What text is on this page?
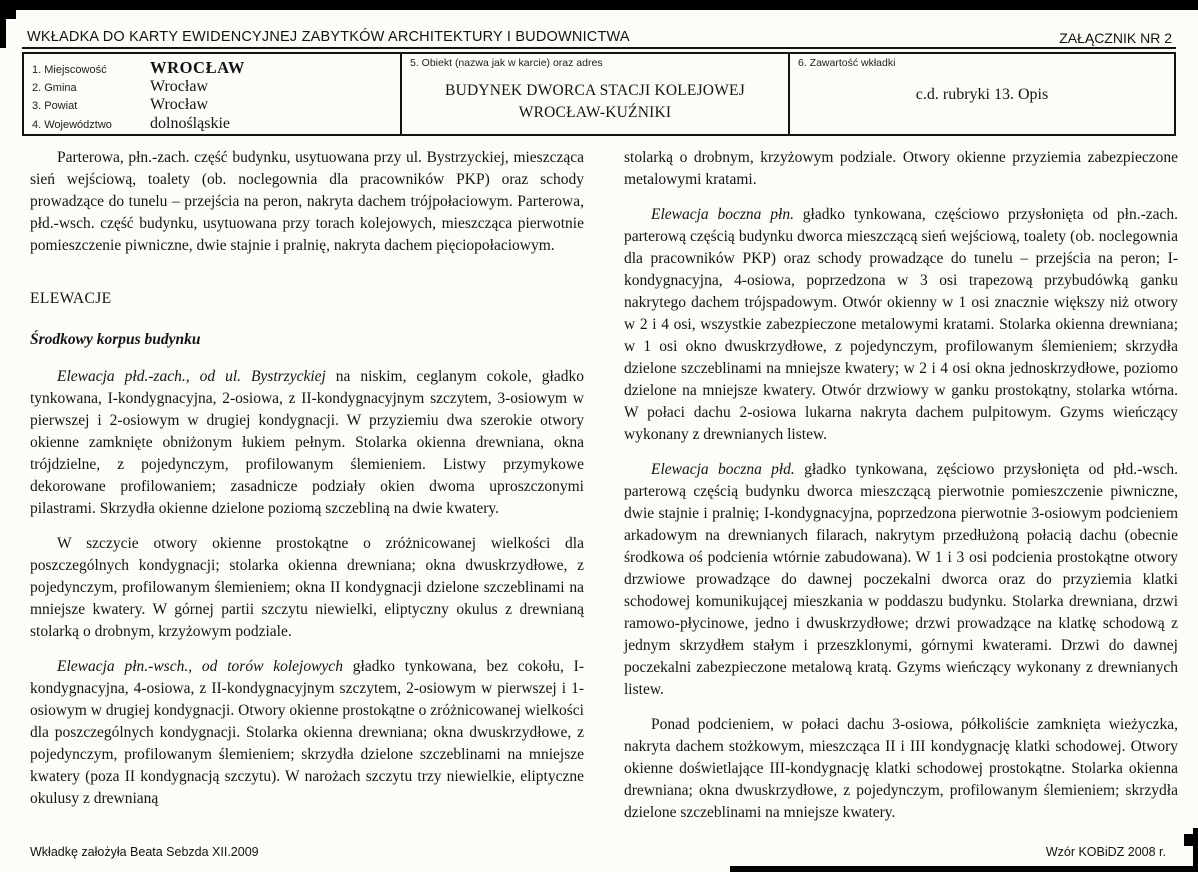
WKŁADKA DO KARTY EWIDENCYJNEJ ZABYTKÓW ARCHITEKTURY I BUDOWNICTWA	ZAŁĄCZNIK NR 2
1. Miejscowość	WROCŁAW
2. Gmina	Wrocław
3. Powiat	Wrocław
4. Województwo	dolnośląskie
5. Obiekt (nazwa jak w karcie) oraz adres
BUDYNEK DWORCA STACJI KOLEJOWEJ
WROCŁAW-KUŹNIKI
6. Zawartość wkładki
c.d. rubryki 13. Opis

Parterowa, płn.-zach. część budynku, usytuowana przy ul. Bystrzyckiej, mieszcząca sień wejściową, toalety (ob. noclegownia dla pracowników PKP) oraz schody prowadzące do tunelu – przejścia na peron, nakryta dachem trójpołaciowym. Parterowa, płd.-wsch. część budynku, usytuowana przy torach kolejowych, mieszcząca pierwotnie pomieszczenie piwniczne, dwie stajnie i pralnię, nakryta dachem pięciopołaciowym.

ELEWACJE

Środkowy korpus budynku

Elewacja płd.-zach., od ul. Bystrzyckiej na niskim, ceglanym cokole, gładko tynkowana, I-kondygnacyjna, 2-osiowa, z II-kondygnacyjnym szczytem, 3-osiowym w pierwszej i 2-osiowym w drugiej kondygnacji. W przyziemiu dwa szerokie otwory okienne zamknięte obniżonym łukiem pełnym. Stolarka okienna drewniana, okna trójdzielne, z pojedynczym, profilowanym ślemieniem. Listwy przymykowe dekorowane profilowaniem; zasadnicze podziały okien dwoma uproszczonymi pilastrami. Skrzydła okienne dzielone poziomą szczebliną na dwie kwatery.

W szczycie otwory okienne prostokątne o zróżnicowanej wielkości dla poszczególnych kondygnacji; stolarka okienna drewniana; okna dwuskrzydłowe, z pojedynczym, profilowanym ślemieniem; okna II kondygnacji dzielone szczeblinami na mniejsze kwatery. W górnej partii szczytu niewielki, eliptyczny okulus z drewnianą stolarką o drobnym, krzyżowym podziale.

Elewacja płn.-wsch., od torów kolejowych gładko tynkowana, bez cokołu, I-kondygnacyjna, 4-osiowa, z II-kondygnacyjnym szczytem, 2-osiowym w pierwszej i 1-osiowym w drugiej kondygnacji. Otwory okienne prostokątne o zróżnicowanej wielkości dla poszczególnych kondygnacji. Stolarka okienna drewniana; okna dwuskrzydłowe, z pojedynczym, profilowanym ślemieniem; skrzydła dzielone szczeblinami na mniejsze kwatery (poza II kondygnacją szczytu). W narożach szczytu trzy niewielkie, eliptyczne okulusy z drewnianą

stolarką o drobnym, krzyżowym podziale. Otwory okienne przyziemia zabezpieczone metalowymi kratami.

Elewacja boczna płn. gładko tynkowana, częściowo przysłonięta od płn.-zach. parterową częścią budynku dworca mieszczącą sień wejściową, toalety (ob. noclegownia dla pracowników PKP) oraz schody prowadzące do tunelu – przejścia na peron; I-kondygnacyjna, 4-osiowa, poprzedzona w 3 osi trapezową przybudówką ganku nakrytego dachem trójspadowym. Otwór okienny w 1 osi znacznie większy niż otwory w 2 i 4 osi, wszystkie zabezpieczone metalowymi kratami. Stolarka okienna drewniana; w 1 osi okno dwuskrzydłowe, z pojedynczym, profilowanym ślemieniem; skrzydła dzielone szczeblinami na mniejsze kwatery; w 2 i 4 osi okna jednoskrzydłowe, poziomo dzielone na mniejsze kwatery. Otwór drzwiowy w ganku prostokątny, stolarka wtórna. W połaci dachu 2-osiowa lukarna nakryta dachem pulpitowym. Gzyms wieńczący wykonany z drewnianych listew.

Elewacja boczna płd. gładko tynkowana, zęściowo przysłonięta od płd.-wsch. parterową częścią budynku dworca mieszczącą pierwotnie pomieszczenie piwniczne, dwie stajnie i pralnię; I-kondygnacyjna, poprzedzona pierwotnie 3-osiowym podcieniem arkadowym na drewnianych filarach, nakrytym przedłużoną połacią dachu (obecnie środkowa oś podcienia wtórnie zabudowana). W 1 i 3 osi podcienia prostokątne otwory drzwiowe prowadzące do dawnej poczekalni dworca oraz do przyziemia klatki schodowej komunikującej mieszkania w poddaszu budynku. Stolarka drewniana, drzwi ramowo-płycinowe, jedno i dwuskrzydłowe; drzwi prowadzące na klatkę schodową z jednym skrzydłem stałym i przeszklonymi, górnymi kwaterami. Drzwi do dawnej poczekalni zabezpieczone metalową kratą. Gzyms wieńczący wykonany z drewnianych listew.

Ponad podcieniem, w połaci dachu 3-osiowa, półkoliście zamknięta wieżyczka, nakryta dachem stożkowym, mieszcząca II i III kondygnację klatki schodowej. Otwory okienne doświetlające III-kondygnację klatki schodowej prostokątne. Stolarka okienna drewniana; okna dwuskrzydłowe, z pojedynczym, profilowanym ślemieniem; skrzydła dzielone szczeblinami na mniejsze kwatery.

Wkładkę założyła Beata Sebzda XII.2009	Wzór KOBiDZ 2008 r.
